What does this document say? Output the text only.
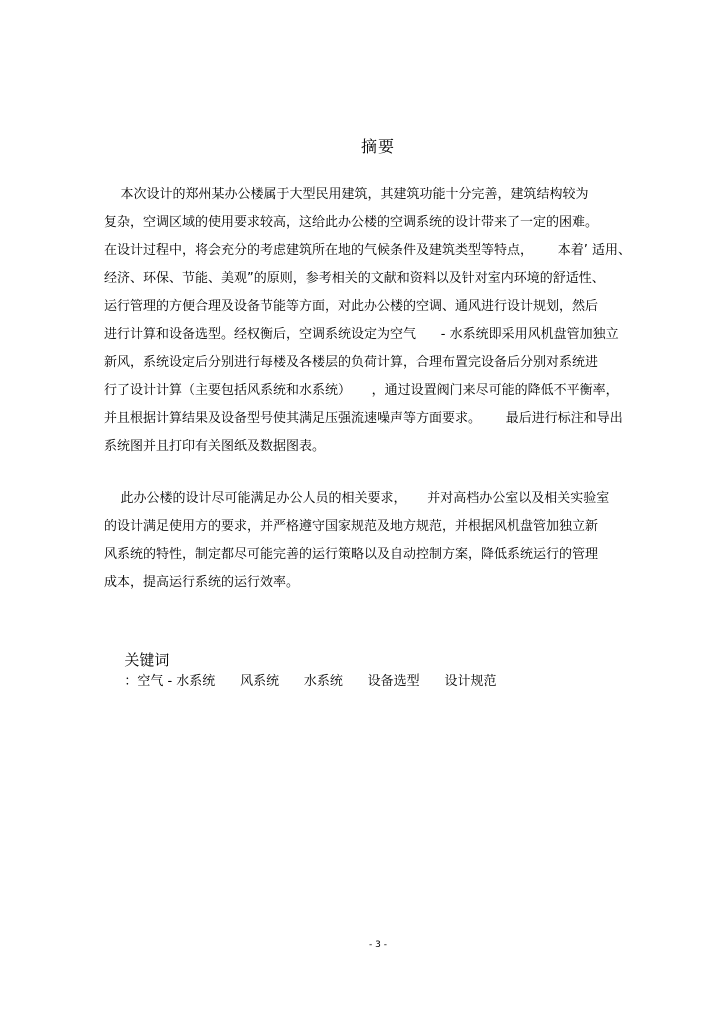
摘要
本次设计的郑州某办公楼属于大型民用建筑，其建筑功能十分完善，建筑结构较为
复杂，空调区域的使用要求较高，这给此办公楼的空调系统的设计带来了一定的困难。
在设计过程中，将会充分的考虑建筑所在地的气候条件及建筑类型等特点，      本着’ 适用、
经济、环保、节能、美观”的原则，参考相关的文献和资料以及针对室内环境的舒适性、
运行管理的方便合理及设备节能等方面，对此办公楼的空调、通风进行设计规划，然后
进行计算和设备选型。经权衡后，空调系统设定为空气      - 水系统即采用风机盘管加独立
新风，系统设定后分别进行每楼及各楼层的负荷计算，合理布置完设备后分别对系统进
行了设计计算（主要包括风系统和水系统）     ，通过设置阀门来尽可能的降低不平衡率，
并且根据计算结果及设备型号使其满足压强流速噪声等方面要求。      最后进行标注和导出
系统图并且打印有关图纸及数据图表。
此办公楼的设计尽可能满足办公人员的相关要求，     并对高档办公室以及相关实验室
的设计满足使用方的要求，并严格遵守国家规范及地方规范，并根据风机盘管加独立新
风系统的特性，制定都尽可能完善的运行策略以及自动控制方案，降低系统运行的管理
成本，提高运行系统的运行效率。

关键词
：空气 - 水系统      风系统      水系统      设备选型      设计规范

- 3 -
